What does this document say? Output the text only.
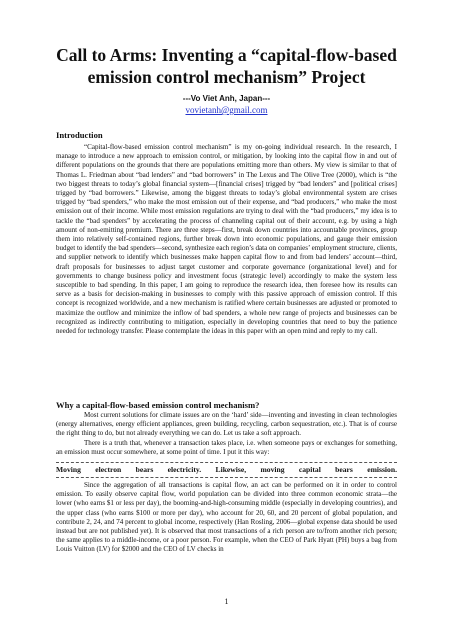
Call to Arms: Inventing a “capital-flow-based emission control mechanism” Project
---Vo Viet Anh, Japan---
vovietanh@gmail.com
Introduction

“Capital-flow-based emission control mechanism” is my on-going individual research. In the research, I manage to introduce a new approach to emission control, or mitigation, by looking into the capital flow in and out of different populations on the grounds that there are populations emitting more than others. My view is similar to that of Thomas L. Friedman about “bad lenders” and “bad borrowers” in The Lexus and The Olive Tree (2000), which is “the two biggest threats to today’s global financial system—[financial crises] trigged by “bad lenders” and [political crises] trigged by “bad borrowers.” Likewise, among the biggest threats to today’s global environmental system are crises trigged by “bad spenders,” who make the most emission out of their expense, and “bad producers,” who make the most emission out of their income. While most emission regulations are trying to deal with the “bad producers,” my idea is to tackle the “bad spenders” by accelerating the process of channeling capital out of their account, e.g. by using a high amount of non-emitting premium. There are three steps—first, break down countries into accountable provinces, group them into relatively self-contained regions, further break down into economic populations, and gauge their emission budget to identify the bad spenders—second, synthesize each region’s data on companies’ employment structure, clients, and supplier network to identify which businesses make happen capital flow to and from bad lenders’ account—third, draft proposals for businesses to adjust target customer and corporate governance (organizational level) and for governments to change business policy and investment focus (strategic level) accordingly to make the system less susceptible to bad spending. In this paper, I am going to reproduce the research idea, then foresee how its results can serve as a basis for decision-making in businesses to comply with this passive approach of emission control. If this concept is recognized worldwide, and a new mechanism is ratified where certain businesses are adjusted or promoted to maximize the outflow and minimize the inflow of bad spenders, a whole new range of projects and businesses can be recognized as indirectly contributing to mitigation, especially in developing countries that need to buy the patience needed for technology transfer. Please contemplate the ideas in this paper with an open mind and reply to my call.

Why a capital-flow-based emission control mechanism?

Most current solutions for climate issues are on the ‘hard’ side—inventing and investing in clean technologies (energy alternatives, energy efficient appliances, green building, recycling, carbon sequestration, etc.). That is of course the right thing to do, but not already everything we can do. Let us take a soft approach.

There is a truth that, whenever a transaction takes place, i.e. when someone pays or exchanges for something, an emission must occur somewhere, at some point of time. I put it this way:

Moving electron bears electricity. Likewise, moving capital bears emission.

Since the aggregation of all transactions is capital flow, an act can be performed on it in order to control emission. To easily observe capital flow, world population can be divided into three common economic strata—the lower (who earns $1 or less per day), the booming-and-high-consuming middle (especially in developing countries), and the upper class (who earns $100 or more per day), who account for 20, 60, and 20 percent of global population, and contribute 2, 24, and 74 percent to global income, respectively (Han Rosling, 2006—global expense data should be used instead but are not published yet). It is observed that most transactions of a rich person are to/from another rich person; the same applies to a middle-income, or a poor person. For example, when the CEO of Park Hyatt (PH) buys a bag from Louis Vuitton (LV) for $2000 and the CEO of LV checks in

1
